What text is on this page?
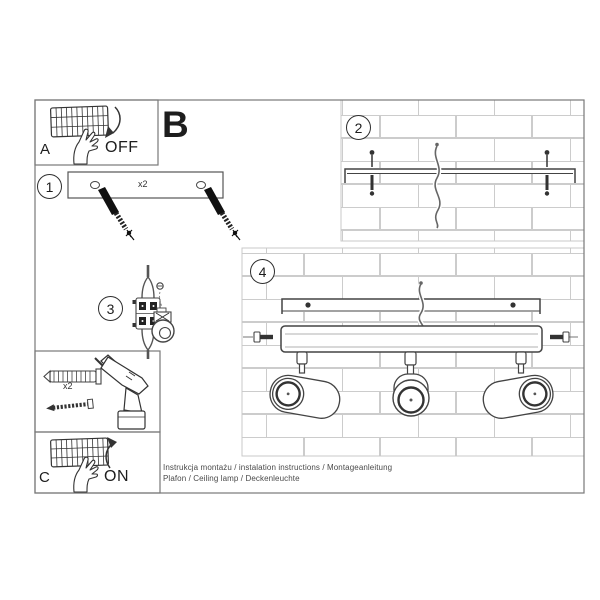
A
B
OFF
C	ON
x2
x2
1
2
3
4
Instrukcja montażu / instalation instructions / Montageanleitung
Plafon / Ceiling lamp / Deckenleuchte
